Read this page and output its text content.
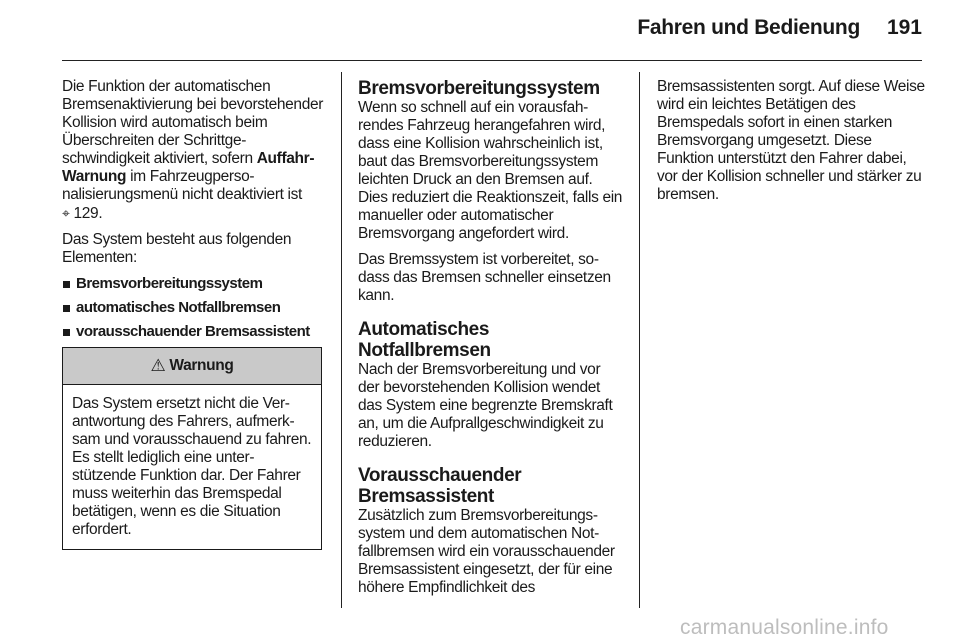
Fahren und Bedienung	191

Die Funktion der automatischen Bremsenaktivierung bei bevorstehender Kollision wird automatisch beim Überschreiten der Schrittgeschwindigkeit aktiviert, sofern Auffahr-Warnung im Fahrzeugpersonalisierungsmenü nicht deaktiviert ist
⌖ 129.

Das System besteht aus folgenden Elementen:

Bremsvorbereitungssystem
automatisches Notfallbremsen
vorausschauender Bremsassistent
⚠ Warnung
Das System ersetzt nicht die Verantwortung des Fahrers, aufmerksam und vorausschauend zu fahren. Es stellt lediglich eine unterstützende Funktion dar. Der Fahrer muss weiterhin das Bremspedal betätigen, wenn es die Situation erfordert.
Bremsvorbereitungssystem

Wenn so schnell auf ein vorausfahrendes Fahrzeug herangefahren wird, dass eine Kollision wahrscheinlich ist, baut das Bremsvorbereitungssystem leichten Druck an den Bremsen auf. Dies reduziert die Reaktionszeit, falls ein manueller oder automatischer Bremsvorgang angefordert wird.

Das Bremssystem ist vorbereitet, sodass das Bremsen schneller einsetzen kann.

Automatisches Notfallbremsen

Nach der Bremsvorbereitung und vor der bevorstehenden Kollision wendet das System eine begrenzte Bremskraft an, um die Aufprallgeschwindigkeit zu reduzieren.

Vorausschauender
Bremsassistent

Zusätzlich zum Bremsvorbereitungssystem und dem automatischen Notfallbremsen wird ein vorausschauender Bremsassistent eingesetzt, der für eine höhere Empfindlichkeit des

Bremsassistenten sorgt. Auf diese Weise wird ein leichtes Betätigen des Bremspedals sofort in einen starken Bremsvorgang umgesetzt. Diese Funktion unterstützt den Fahrer dabei, vor der Kollision schneller und stärker zu bremsen.

carmanualsonline.info
